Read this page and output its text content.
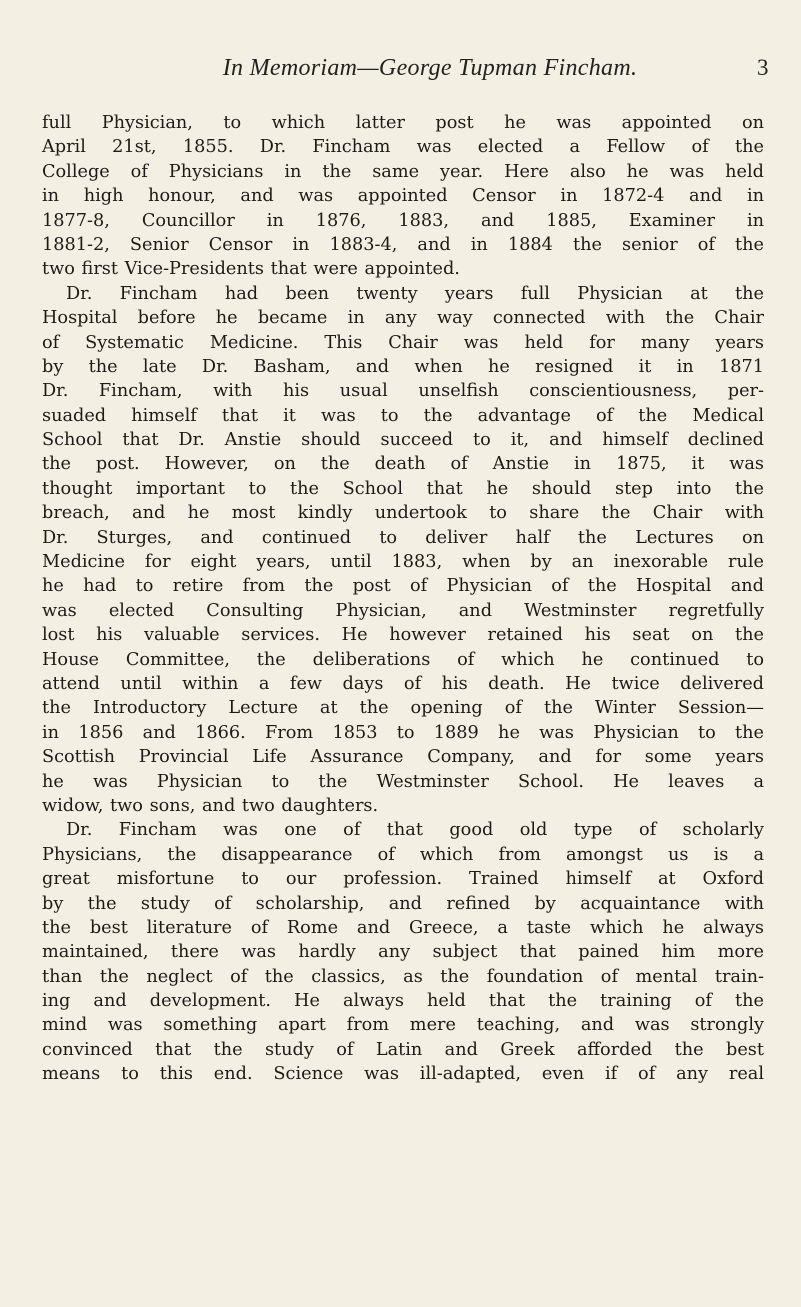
In Memoriam—George Tupman Fincham.	3
full Physician, to which latter post he was appointed on
April 21st, 1855. Dr. Fincham was elected a Fellow of the
College of Physicians in the same year. Here also he was held
in high honour, and was appointed Censor in 1872-4 and in
1877-8, Councillor in 1876, 1883, and 1885, Examiner in
1881-2, Senior Censor in 1883-4, and in 1884 the senior of the
two first Vice-Presidents that were appointed.
Dr. Fincham had been twenty years full Physician at the
Hospital before he became in any way connected with the Chair
of Systematic Medicine. This Chair was held for many years
by the late Dr. Basham, and when he resigned it in 1871
Dr. Fincham, with his usual unselfish conscientiousness, per-
suaded himself that it was to the advantage of the Medical
School that Dr. Anstie should succeed to it, and himself declined
the post. However, on the death of Anstie in 1875, it was
thought important to the School that he should step into the
breach, and he most kindly undertook to share the Chair with
Dr. Sturges, and continued to deliver half the Lectures on
Medicine for eight years, until 1883, when by an inexorable rule
he had to retire from the post of Physician of the Hospital and
was elected Consulting Physician, and Westminster regretfully
lost his valuable services. He however retained his seat on the
House Committee, the deliberations of which he continued to
attend until within a few days of his death. He twice delivered
the Introductory Lecture at the opening of the Winter Session—
in 1856 and 1866. From 1853 to 1889 he was Physician to the
Scottish Provincial Life Assurance Company, and for some years
he was Physician to the Westminster School. He leaves a
widow, two sons, and two daughters.
Dr. Fincham was one of that good old type of scholarly
Physicians, the disappearance of which from amongst us is a
great misfortune to our profession. Trained himself at Oxford
by the study of scholarship, and refined by acquaintance with
the best literature of Rome and Greece, a taste which he always
maintained, there was hardly any subject that pained him more
than the neglect of the classics, as the foundation of mental train-
ing and development. He always held that the training of the
mind was something apart from mere teaching, and was strongly
convinced that the study of Latin and Greek afforded the best
means to this end. Science was ill-adapted, even if of any real
